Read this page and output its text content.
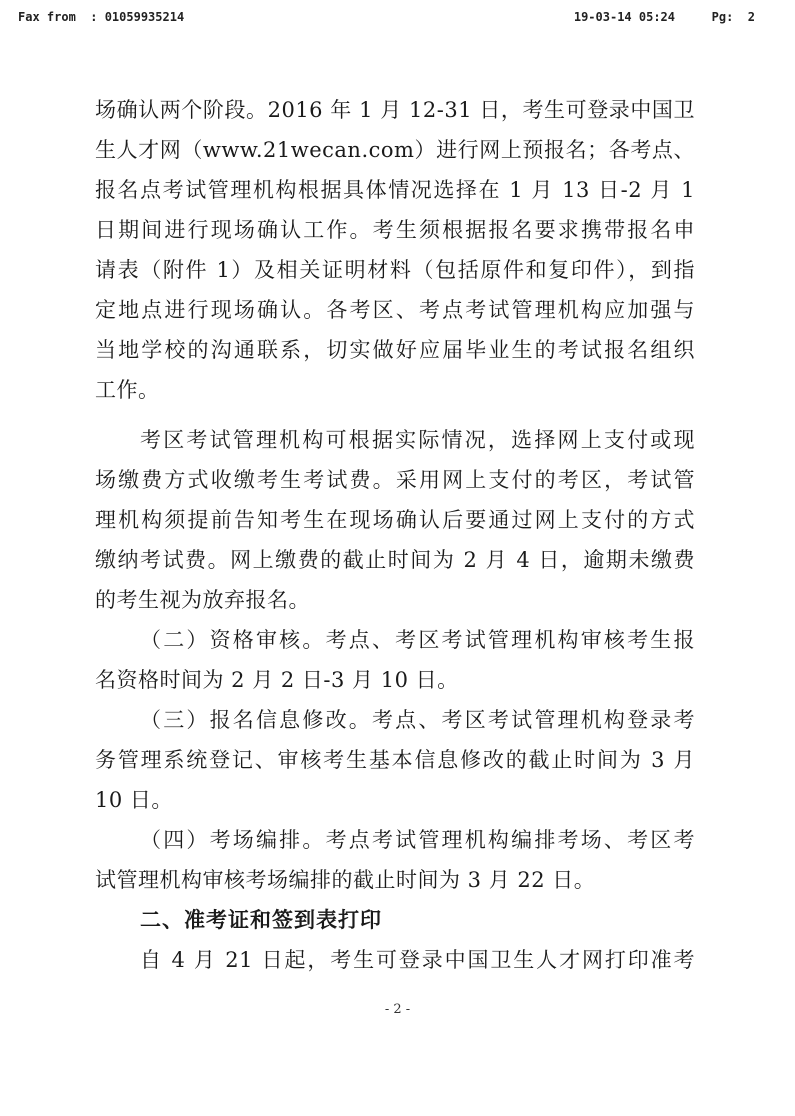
Fax from  : 01059935214	19-03-14 05:24	Pg:  2
场确认两个阶段。2016 年 1 月 12-31 日，考生可登录中国卫
生人才网（www.21wecan.com）进行网上预报名；各考点、
报名点考试管理机构根据具体情况选择在 1 月 13 日-2 月 1
日期间进行现场确认工作。考生须根据报名要求携带报名申
请表（附件 1）及相关证明材料（包括原件和复印件），到指
定地点进行现场确认。各考区、考点考试管理机构应加强与
当地学校的沟通联系，切实做好应届毕业生的考试报名组织
工作。
考区考试管理机构可根据实际情况，选择网上支付或现
场缴费方式收缴考生考试费。采用网上支付的考区，考试管
理机构须提前告知考生在现场确认后要通过网上支付的方式
缴纳考试费。网上缴费的截止时间为 2 月 4 日，逾期未缴费
的考生视为放弃报名。
（二）资格审核。考点、考区考试管理机构审核考生报
名资格时间为 2 月 2 日-3 月 10 日。
（三）报名信息修改。考点、考区考试管理机构登录考
务管理系统登记、审核考生基本信息修改的截止时间为 3 月
10 日。
（四）考场编排。考点考试管理机构编排考场、考区考
试管理机构审核考场编排的截止时间为 3 月 22 日。
二、准考证和签到表打印
自 4 月 21 日起，考生可登录中国卫生人才网打印准考
- 2 -
